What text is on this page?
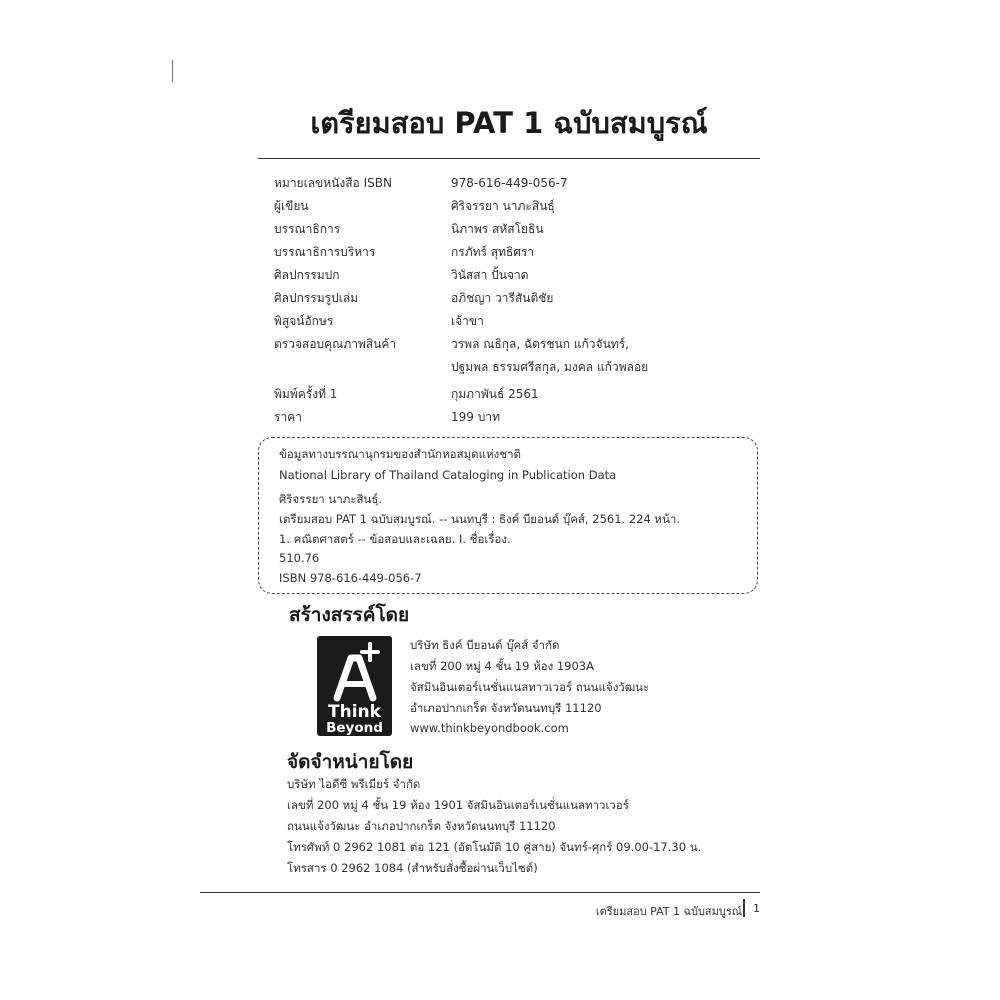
เตรียมสอบ PAT 1 ฉบับสมบูรณ์
หมายเลขหนังสือ ISBN	978-616-449-056-7
ผู้เขียน	ศิริจรรยา นาภะสินธุ์
บรรณาธิการ	นิภาพร สหัสโยธิน
บรรณาธิการบริหาร	กรภัทร์ สุทธิศรา
ศิลปกรรมปก	วินัสสา ปั้นจาด
ศิลปกรรมรูปเล่ม	อภิชญา วารีสันติชัย
พิสูจน์อักษร	เจ้าขา
ตรวจสอบคุณภาพสินค้า	วรพล ณธิกุล, ฉัตรชนก แก้วจันทร์,
ปฐมพล ธรรมศรีสกุล, มงคล แก้วพลอย
พิมพ์ครั้งที่ 1	กุมภาพันธ์ 2561
ราคา	199 บาท
ข้อมูลทางบรรณานุกรมของสำนักหอสมุดแห่งชาติ
National Library of Thailand Cataloging in Publication Data
ศิริจรรยา นาภะสินธุ์.
เตรียมสอบ PAT 1 ฉบับสมบูรณ์. -- นนทบุรี : ธิงค์ บียอนด์ บุ๊คส์, 2561. 224 หน้า.
1. คณิตศาสตร์ -- ข้อสอบและเฉลย. I. ชื่อเรื่อง.
510.76
ISBN 978-616-449-056-7
สร้างสรรค์โดย
Think
Beyond
บริษัท ธิงค์ บียอนด์ บุ๊คส์ จำกัด
เลขที่ 200 หมู่ 4 ชั้น 19 ห้อง 1903A
จัสมินอินเตอร์เนชั่นแนลทาวเวอร์ ถนนแจ้งวัฒนะ
อำเภอปากเกร็ด จังหวัดนนทบุรี 11120
www.thinkbeyondbook.com
จัดจำหน่ายโดย
บริษัท ไอดีซี พรีเมียร์ จำกัด
เลขที่ 200 หมู่ 4 ชั้น 19 ห้อง 1901 จัสมินอินเตอร์เนชั่นแนลทาวเวอร์
ถนนแจ้งวัฒนะ อำเภอปากเกร็ด จังหวัดนนทบุรี 11120
โทรศัพท์ 0 2962 1081 ต่อ 121 (อัตโนมัติ 10 คู่สาย) จันทร์-ศุกร์ 09.00-17.30 น.
โทรสาร 0 2962 1084 (สำหรับสั่งซื้อผ่านเว็บไซต์)
เตรียมสอบ PAT 1 ฉบับสมบูรณ์ 1
